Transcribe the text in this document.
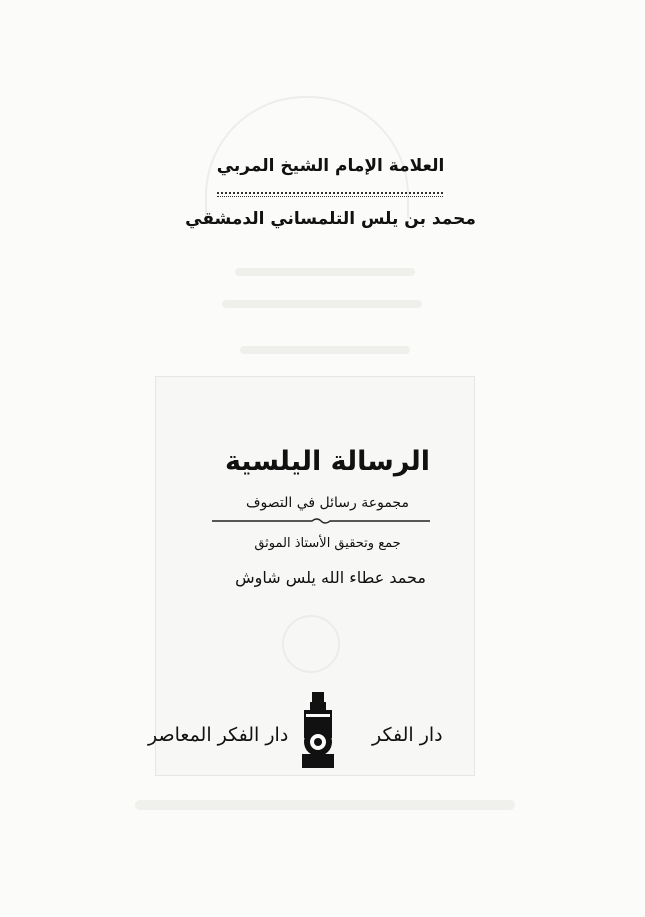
العلامة الإمام الشيخ المربي
محمد بن يلس التلمساني الدمشقي
الرسالة اليلسية
مجموعة رسائل في التصوف
جمع وتحقيق الأستاذ الموثق
محمد عطاء الله يلس شاوش
دار الفكر
دار الفكر المعاصر
